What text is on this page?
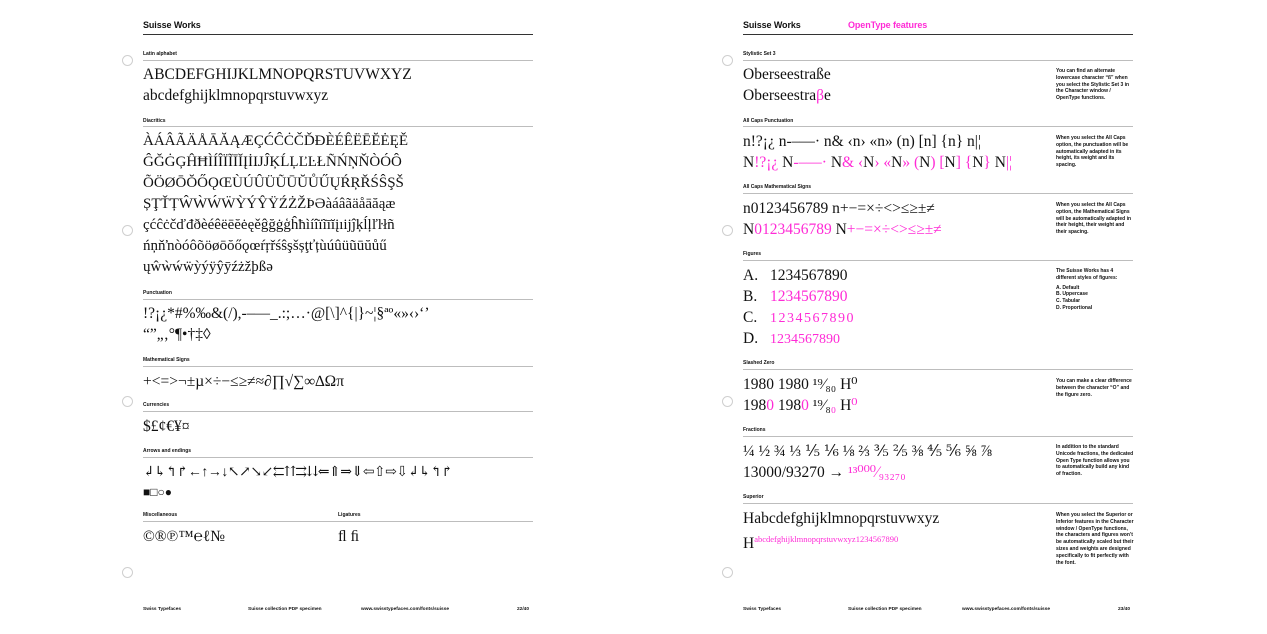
Suisse Works
Latin alphabet
ABCDEFGHIJKLMNOPQRSTUVWXYZ
abcdefghijklmnopqrstuvwxyz
Diacritics
ÀÁÂÃÄÅĀĂĄÆÇĆĈĊČĎĐÈÉÊËĒĔĖĘĚ
ĜĞĠĢĤĦÌÍÎÏĨĪĬĮİĲĴĶĹĻĽĿŁÑŃŅŇÒÓÔ
ÕÖØŌŎŐǪŒÙÚÛÜŨŪŬŮŰŲŔŖŘŚŜŞŠ
ȘŢŤȚŴẀẂẄỲÝŶŸŹŻŽÞƏàáâãäåāăąæ
çćĉċčďđðèéêëēĕėęěĝğġģĥħìíîïĩīĭįıĳĵķĺļľŀłñ
ńņňŉòóôõöøōŏőǫœŕŗřśŝşšșţťțùúûüũūŭůű
ųŵẁẃẅỳýÿŷȳźżžþßə
Punctuation
!?¡¿*#%‰&(/),-–—_.:;…·@[\]^{|}~¦§ªº«»‹›‘’
“”„‚°¶•†‡◊
Mathematical Signs
+<=>¬±µ×÷−≤≥≠≈∂∏√∑∞∆Ωπ
Currencies
$£¢€¥¤
Arrows and endings
↲↳↰↱←↑→↓↖↗↘↙⇇⇈⇉⇊⇐⇑⇒⇓⇦⇧⇨⇩↲↳↰↱
■□○●
Miscellaneous	Ligatures
©®℗™℮ℓ№	ﬂ ﬁ
Swiss Typefaces	Suisse collection PDF specimen	www.swisstypefaces.com/fonts/suisse	22/40
Suisse Works	OpenType features
Stylistic Set 3
Oberseestraße
Oberseestraβe
You can find an alternate lowercase character “ß” when you select the Stylistic Set 3 in the Character window / OpenType functions.
All Caps Punctuation
n!?¡¿ n-–—· n& ‹n› «n» (n) [n] {n} n|¦
N!?¡¿ N-–—· N& ‹N› «N» (N) [N] {N} N|¦
When you select the All Caps option, the punctuation will be automatically adapted in its height, its weight and its spacing.
All Caps Mathematical Signs
n0123456789 n+−=×÷<>≤≥±≠
N0123456789 N+−=×÷<>≤≥±≠
When you select the All Caps option, the Mathematical Signs will be automatically adapted in their height, their weight and their spacing.
Figures
A. 1234567890
B. 1234567890
C. 1 2 3 4 5 6 7 8 9 0
D. 1234567890
The Suisse Works has 4 different styles of figures:
A. Default
B. Uppercase
C. Tabular
D. Proportional
Slashed Zero
1980 1980 ¹⁹⁄₈₀ H⁰
1980 1980 ¹⁹⁄₈₀ H⁰
You can make a clear difference between the character “O” and the figure zero.
Fractions
¼ ½ ¾ ⅓ ⅕ ⅙ ⅛ ⅔ ⅗ ⅖ ⅜ ⅘ ⅚ ⅝ ⅞
13000/93270 → ¹³⁰⁰⁰⁄₉₃₂₇₀
In addition to the standard Unicode fractions, the dedicated Open Type function allows you to automatically build any kind of fraction.
Superior
Habcdefghijklmnopqrstuvwxyz
$H^{abcdefghijklmnopqrstuvwxyz1234567890}$
When you select the Superior or Inferior features in the Character window / OpenType functions, the characters and figures won’t be automatically scaled but their sizes and weights are designed specifically to fit perfectly with the font.
Swiss Typefaces	Suisse collection PDF specimen	www.swisstypefaces.com/fonts/suisse	23/40
